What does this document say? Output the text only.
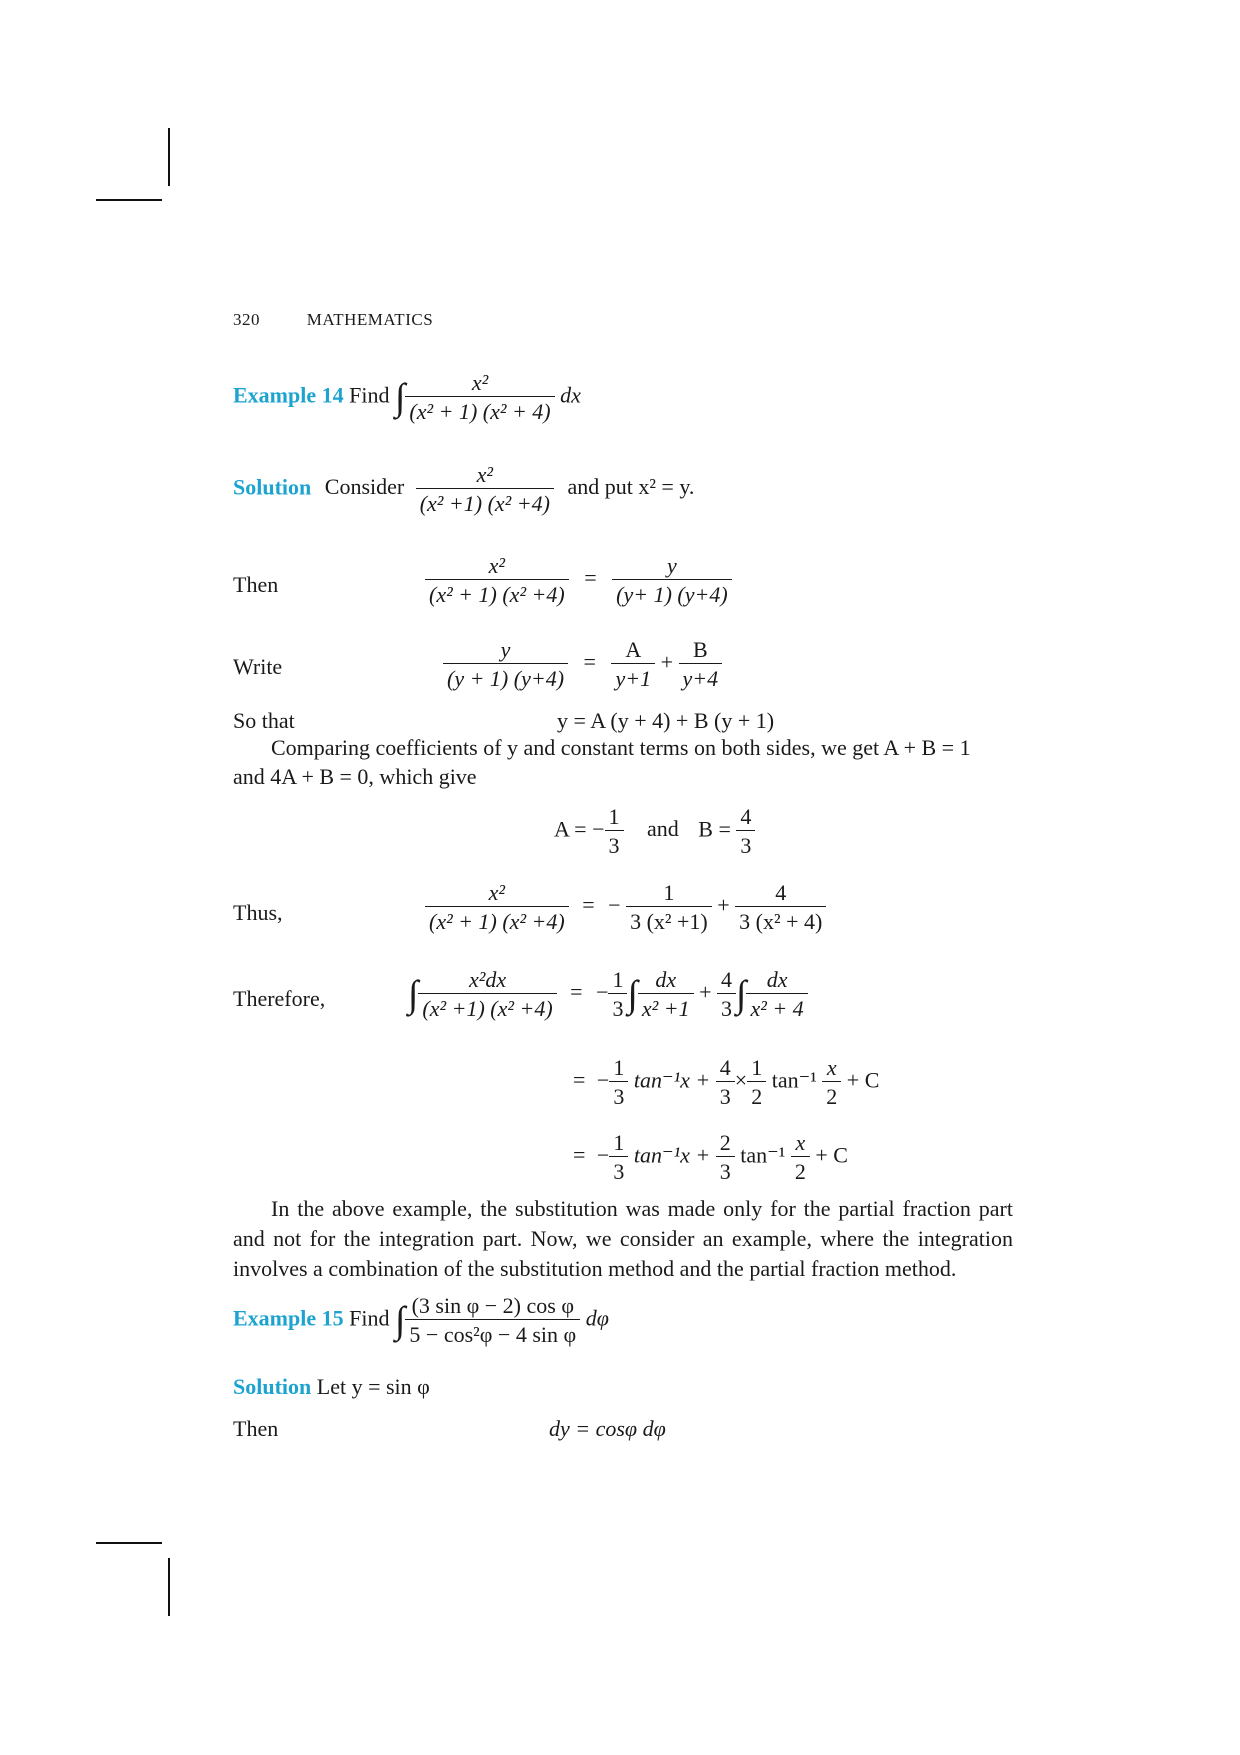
320	MATHEMATICS
Example 14 Find ∫ $\frac{\text{x²}}{\text{(x² + 1) (x² + 4)}}$ dx
Solution Consider $\frac{\text{x²}}{\text{(x² +1) (x² +4)}}$ and put x² = y.
Then	$\frac{\text{x²}}{\text{(x² + 1) (x² +4)}} = \frac{y}{(y+ 1) (y+4)}$
Write	$\frac{y}{(y + 1) (y+4)} = \frac{A}{y+1} + \frac{B}{y+4}$
So that	y = A (y + 4) + B (y + 1)
Comparing coefficients of y and constant terms on both sides, we get A + B = 1
and 4A + B = 0, which give
A = − $\frac{1}{3}$ and $B = \frac{4}{3}$
Thus,	$\frac{\text{x²}}{\text{(x² + 1) (x² +4)}}$ = − $\frac{1}{\text{3 (x² +1)}} + \frac{4}{\text{3 (x² + 4)}}$
Therefore, ∫ $\frac{\text{x²dx}}{\text{(x² +1) (x² +4)}}$ = − $\frac{1}{3}$ ∫ $\frac{dx}{\text{x² +1}} + \frac{4}{3}$ ∫ $\frac{dx}{\text{x² + 4}}$
= − $\frac{1}{3} \tan^{-1}x + \frac{4}{3} \times \frac{1}{2} \tan^{-1} \frac{x}{2} + C$
= − $\frac{1}{3} \tan^{-1}x + \frac{2}{3} \tan^{-1} \frac{x}{2} + C$
In the above example, the substitution was made only for the partial fraction part and not for the integration part. Now, we consider an example, where the integration involves a combination of the substitution method and the partial fraction method.
Example 15 Find ∫ $\frac{\text{(3 sin φ − 2) cos φ}}{\text{5 − cos²φ − 4 sin φ}}$ dφ
Solution Let y = sin φ
Then	dy = cosφ dφ
